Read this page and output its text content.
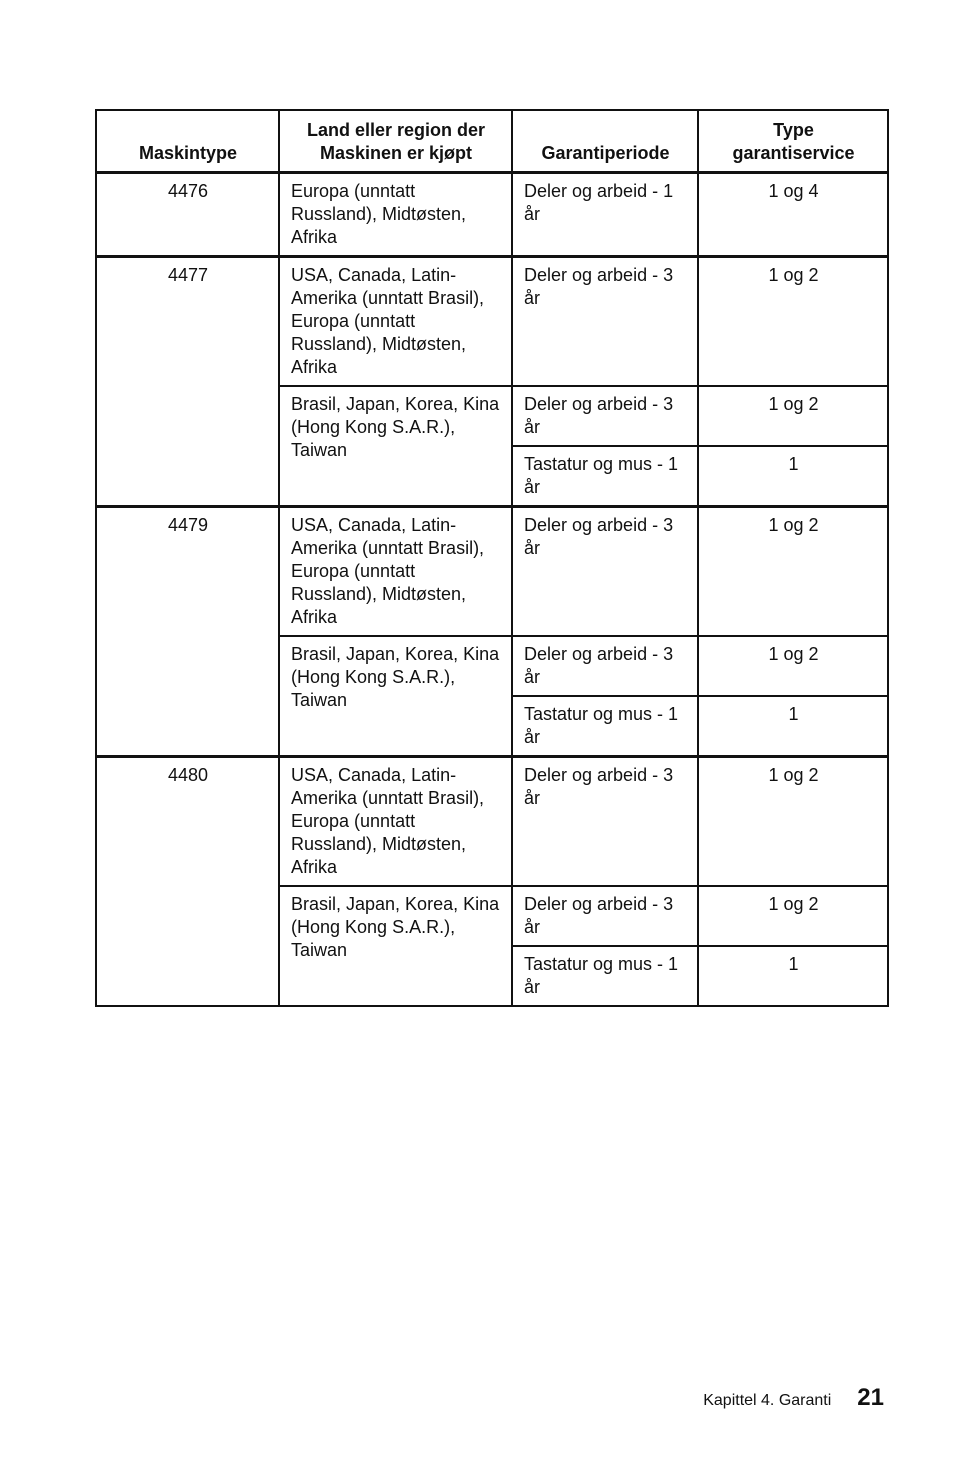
Maskintype	Land eller region der Maskinen er kjøpt	Garantiperiode	Type garantiservice
4476	Europa (unntatt Russland), Midtøsten, Afrika	Deler og arbeid - 1 år	1 og 4
4477	USA, Canada, Latin-Amerika (unntatt Brasil), Europa (unntatt Russland), Midtøsten, Afrika	Deler og arbeid - 3 år	1 og 2
	Brasil, Japan, Korea, Kina (Hong Kong S.A.R.), Taiwan	Deler og arbeid - 3 år	1 og 2
		Tastatur og mus - 1 år	1
4479	USA, Canada, Latin-Amerika (unntatt Brasil), Europa (unntatt Russland), Midtøsten, Afrika	Deler og arbeid - 3 år	1 og 2
	Brasil, Japan, Korea, Kina (Hong Kong S.A.R.), Taiwan	Deler og arbeid - 3 år	1 og 2
		Tastatur og mus - 1 år	1
4480	USA, Canada, Latin-Amerika (unntatt Brasil), Europa (unntatt Russland), Midtøsten, Afrika	Deler og arbeid - 3 år	1 og 2
	Brasil, Japan, Korea, Kina (Hong Kong S.A.R.), Taiwan	Deler og arbeid - 3 år	1 og 2
		Tastatur og mus - 1 år	1
Kapittel 4. Garanti 21
